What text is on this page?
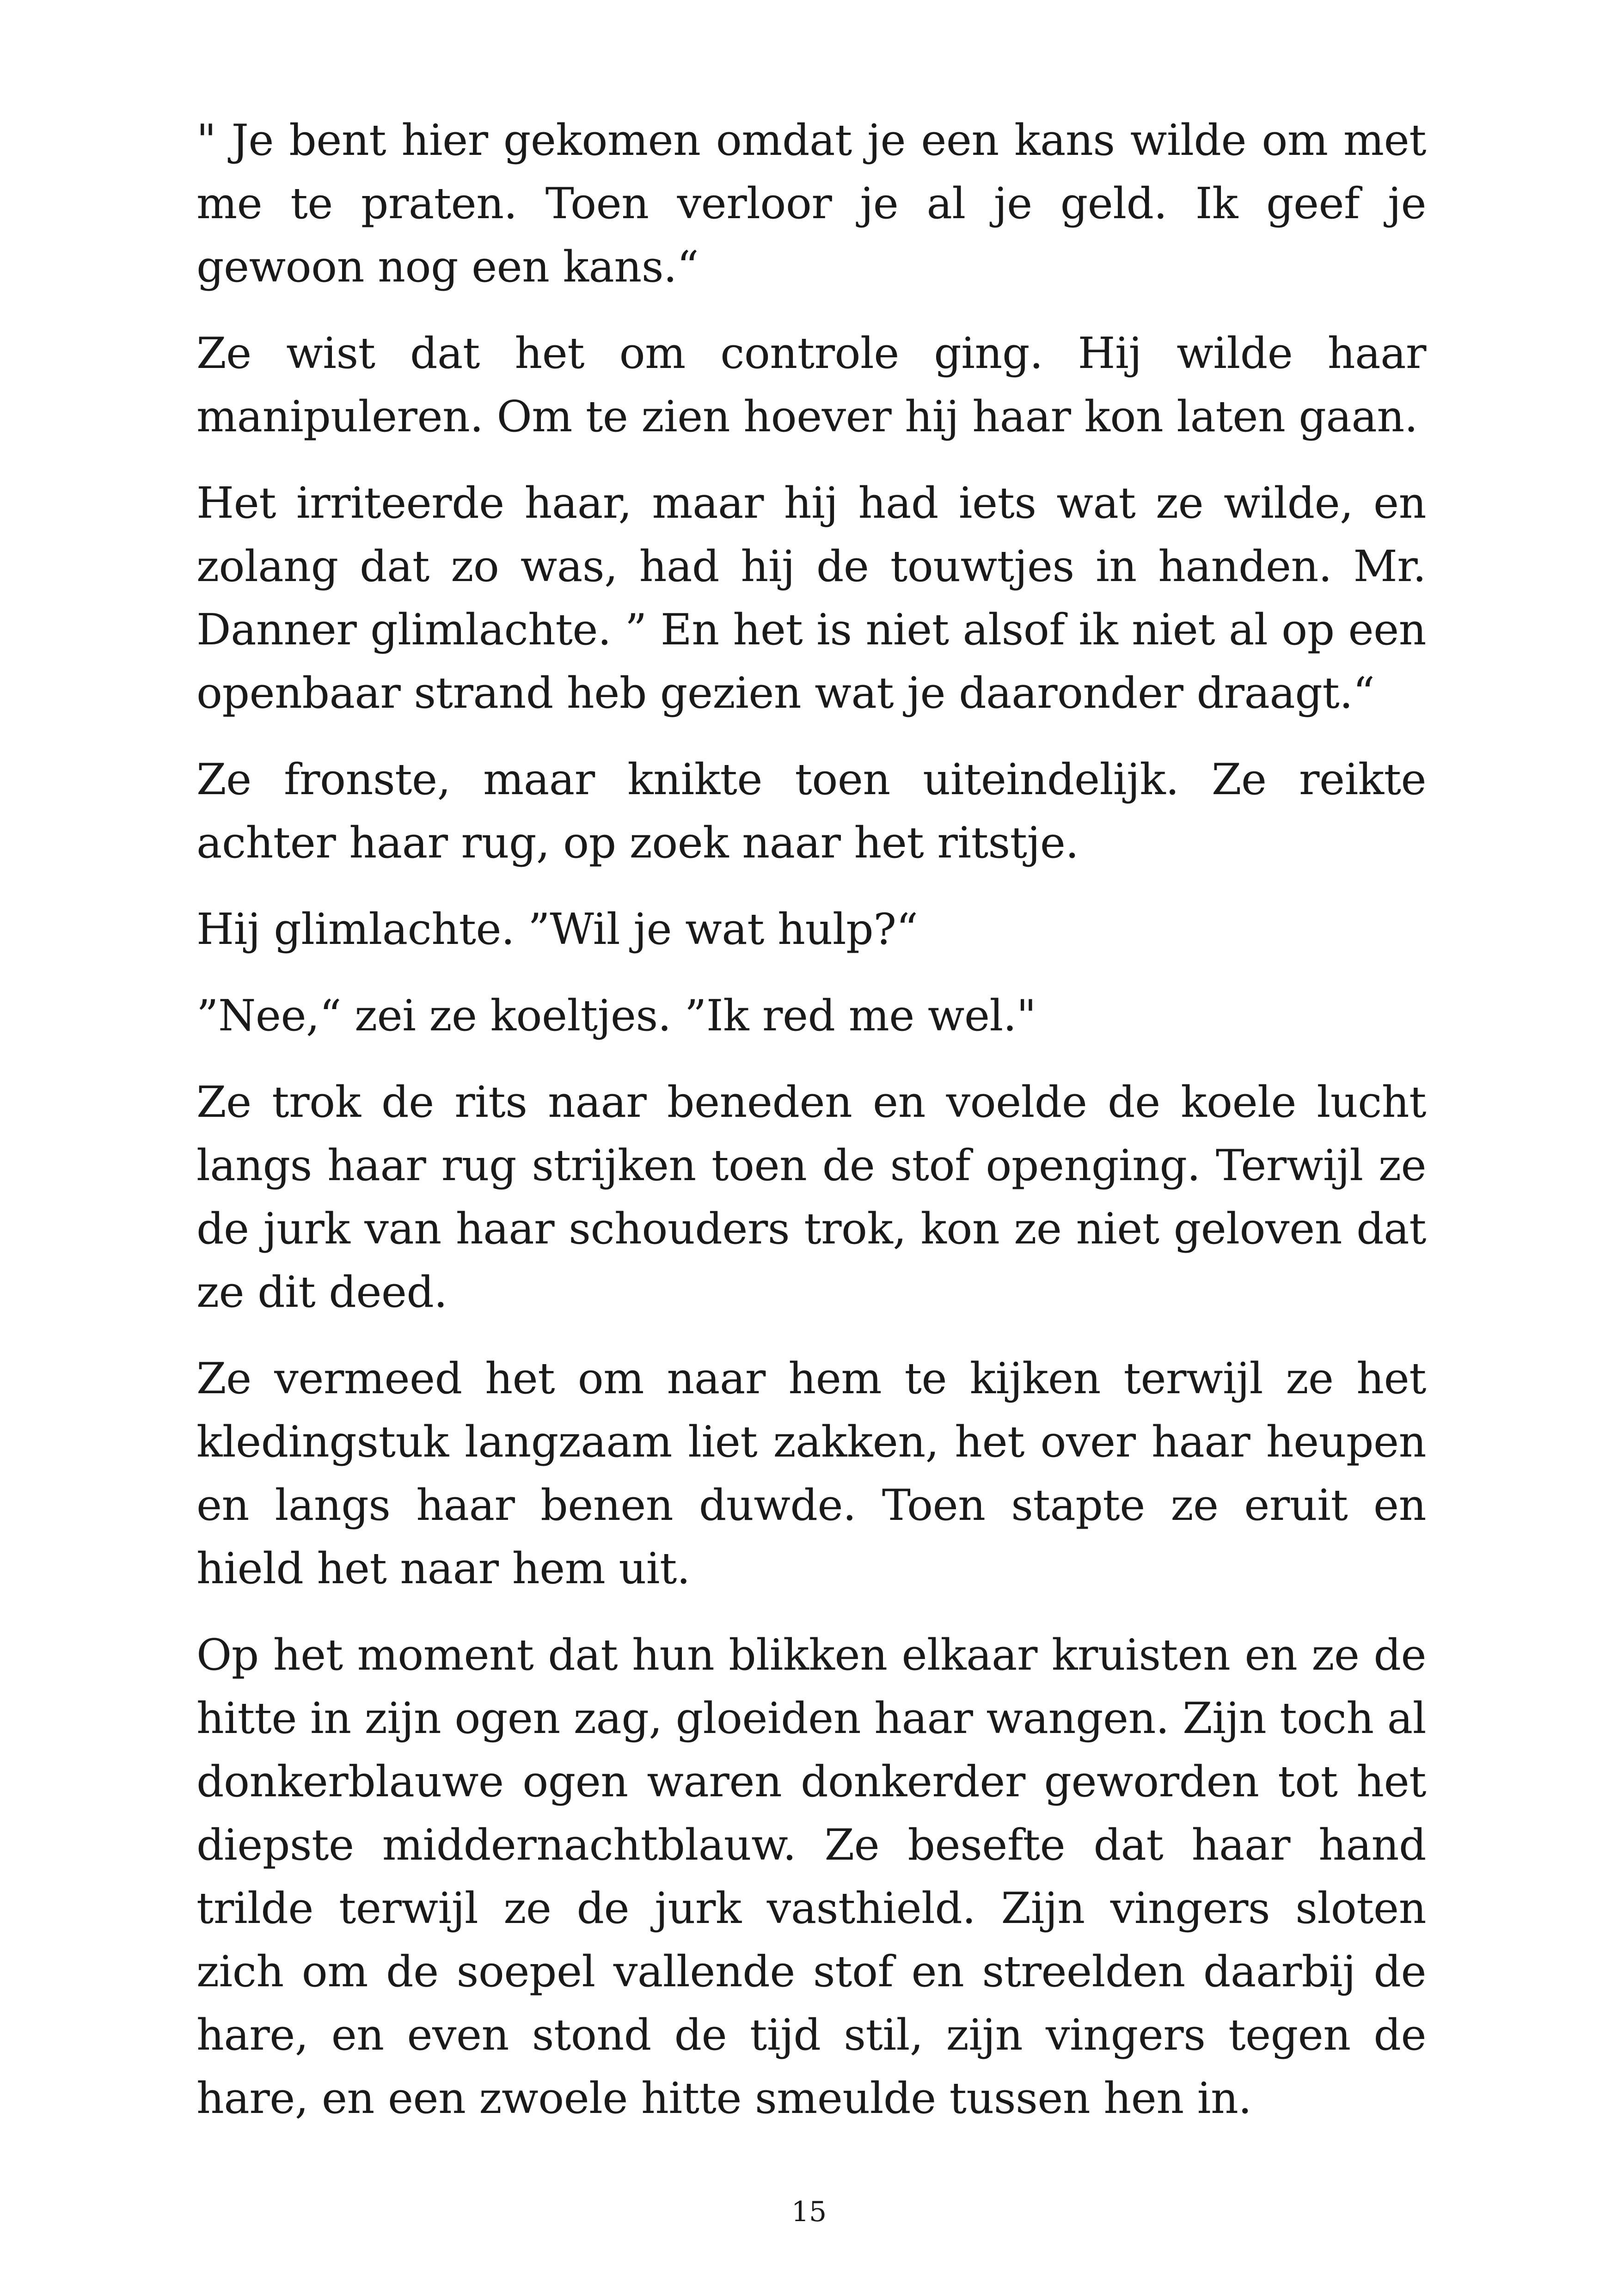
" Je bent hier gekomen omdat je een kans wilde om met me te praten. Toen verloor je al je geld. Ik geef je gewoon nog een kans.“

Ze wist dat het om controle ging. Hij wilde haar manipuleren. Om te zien hoever hij haar kon laten gaan.

Het irriteerde haar, maar hij had iets wat ze wilde, en zolang dat zo was, had hij de touwtjes in handen. Mr. Danner glimlachte. ” En het is niet alsof ik niet al op een openbaar strand heb gezien wat je daaronder draagt.“

Ze fronste, maar knikte toen uiteindelijk. Ze reikte achter haar rug, op zoek naar het ritstje.

Hij glimlachte. ”Wil je wat hulp?“

”Nee,“ zei ze koeltjes. ”Ik red me wel."

Ze trok de rits naar beneden en voelde de koele lucht langs haar rug strijken toen de stof openging. Terwijl ze de jurk van haar schouders trok, kon ze niet geloven dat ze dit deed.

Ze vermeed het om naar hem te kijken terwijl ze het kledingstuk langzaam liet zakken, het over haar heupen en langs haar benen duwde. Toen stapte ze eruit en hield het naar hem uit.

Op het moment dat hun blikken elkaar kruisten en ze de hitte in zijn ogen zag, gloeiden haar wangen. Zijn toch al donkerblauwe ogen waren donkerder geworden tot het diepste middernachtblauw. Ze besefte dat haar hand trilde terwijl ze de jurk vasthield. Zijn vingers sloten zich om de soepel vallende stof en streelden daarbij de hare, en even stond de tijd stil, zijn vingers tegen de hare, en een zwoele hitte smeulde tussen hen in.

15
